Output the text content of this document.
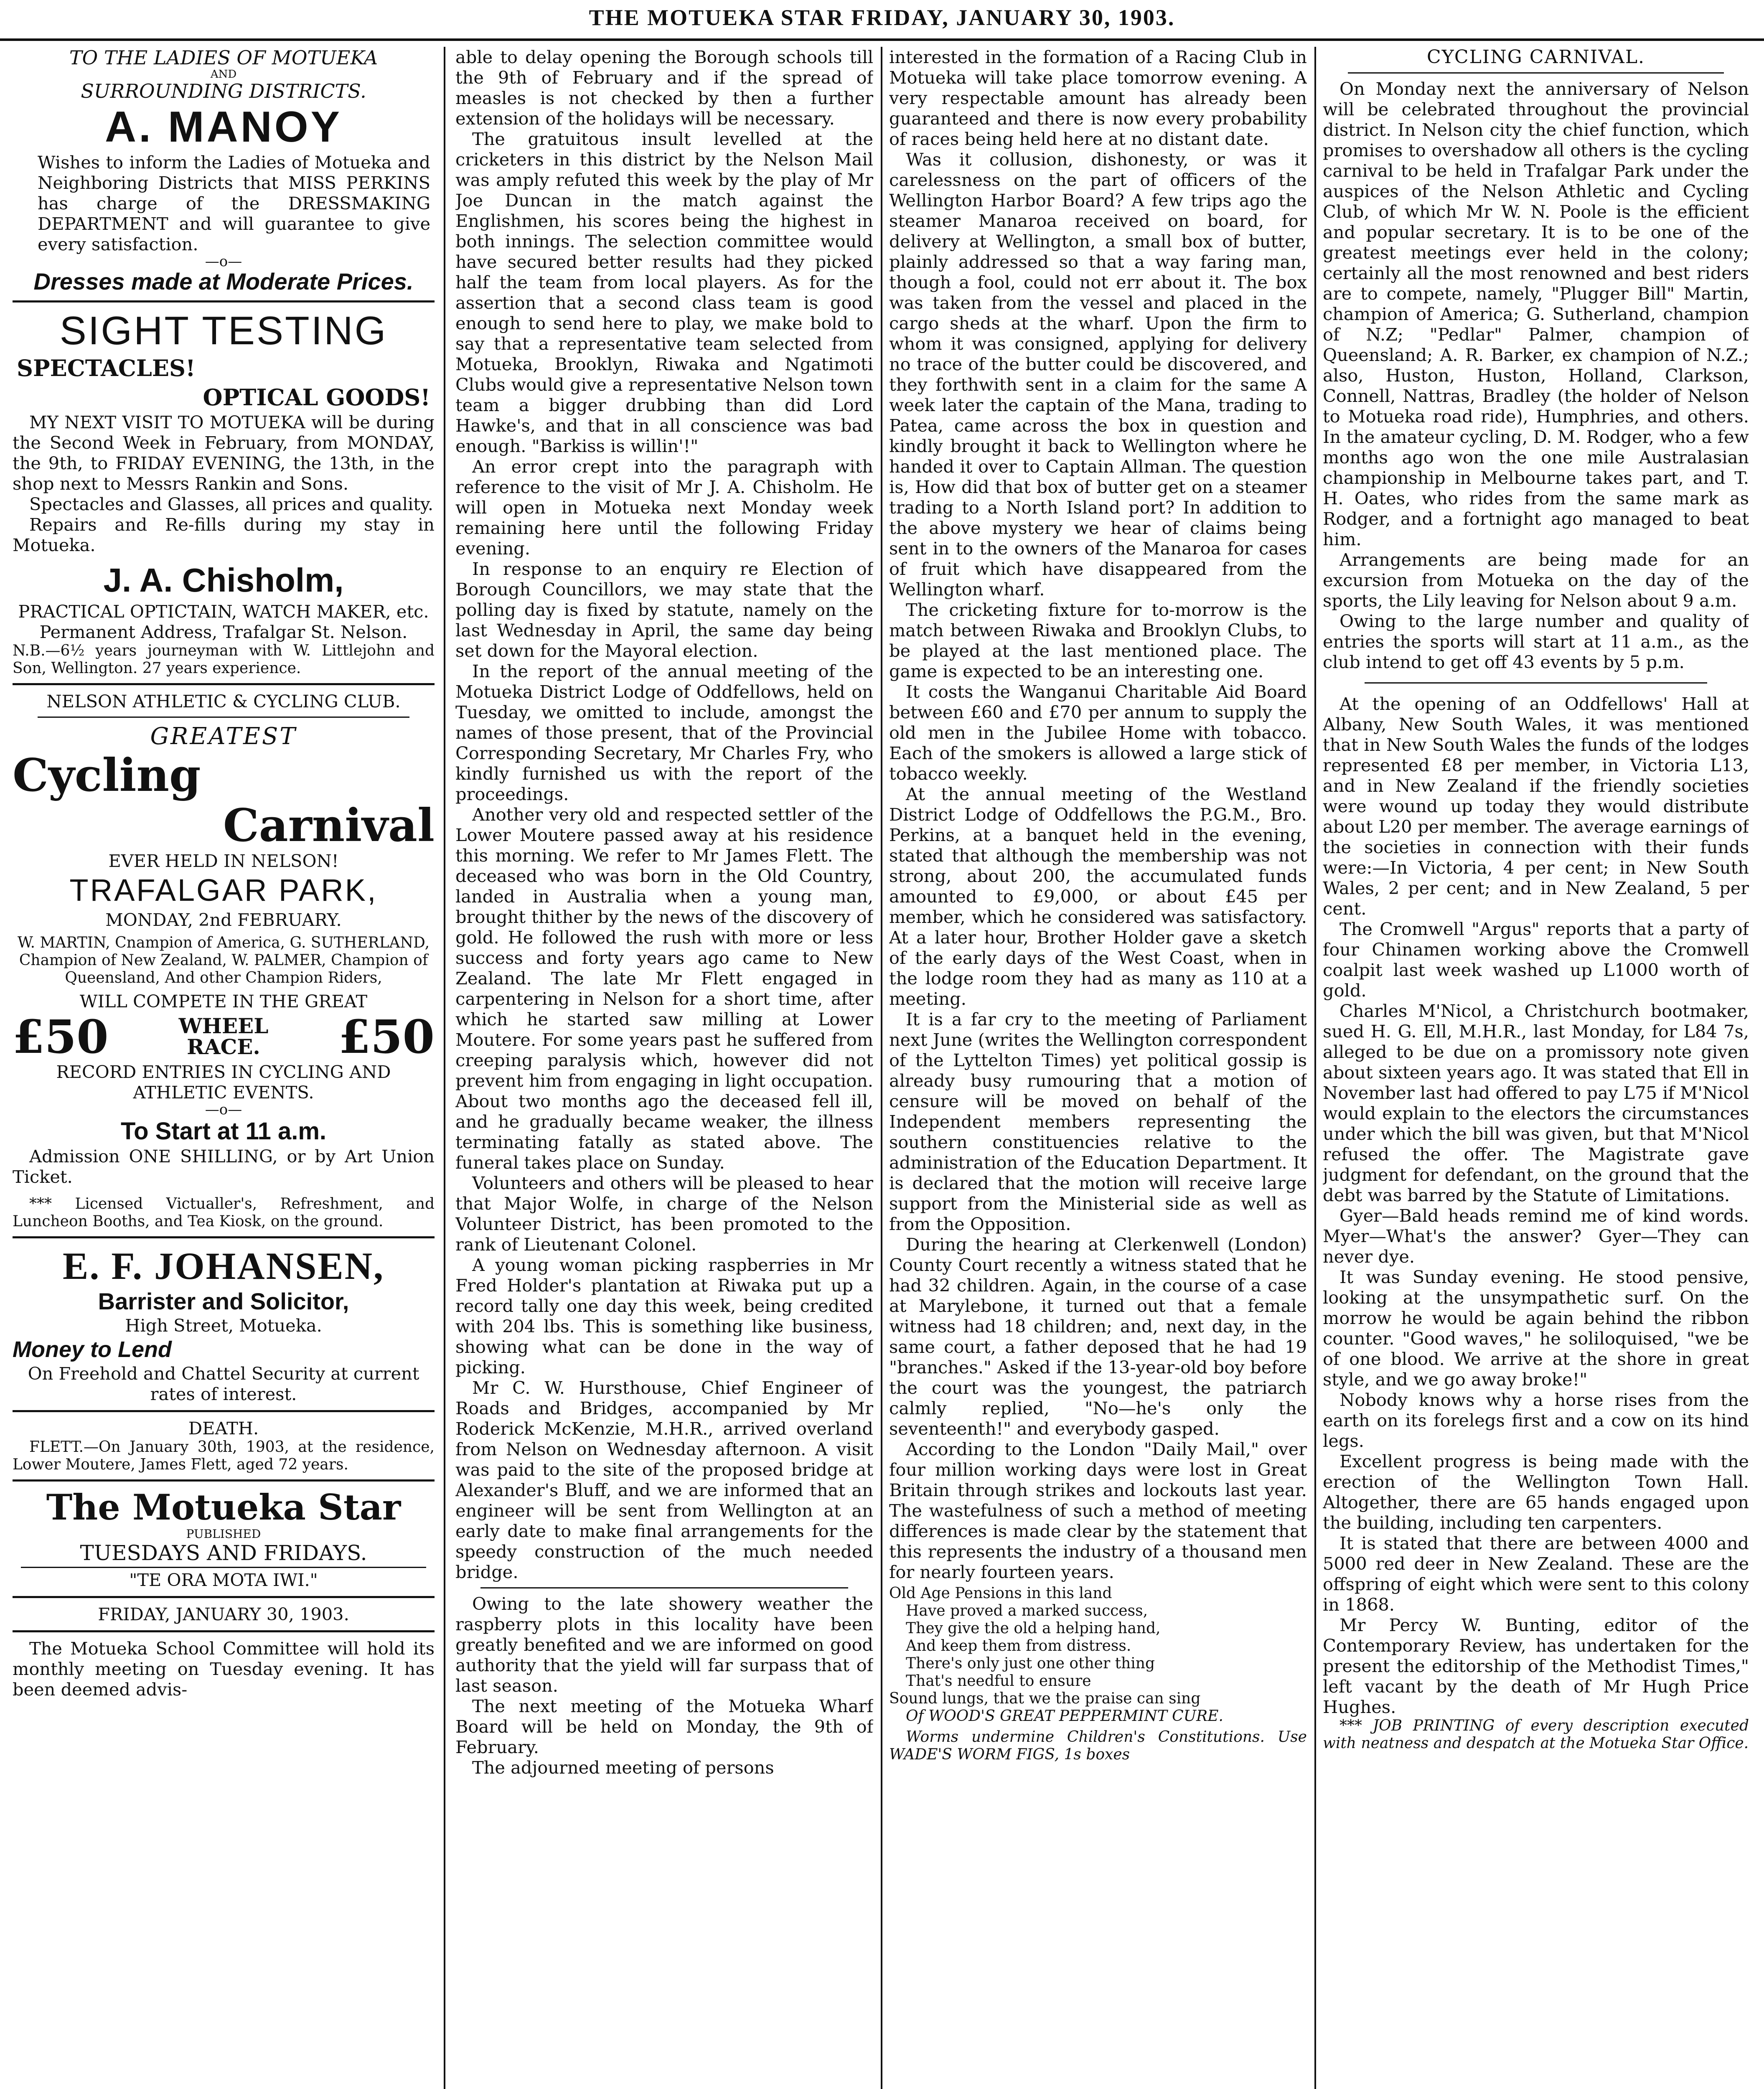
THE MOTUEKA STAR FRIDAY, JANUARY 30, 1903.
TO THE LADIES OF MOTUEKA
AND
SURROUNDING DISTRICTS.
A. MANOY

Wishes to inform the Ladies of Motueka and Neighboring Districts that MISS PERKINS has charge of the DRESSMAKING DEPARTMENT and will guarantee to give every satisfaction.

—o—
Dresses made at Moderate Prices.
SIGHT TESTING
SPECTACLES!
OPTICAL GOODS!

MY NEXT VISIT TO MOTUEKA will be during the Second Week in February, from MONDAY, the 9th, to FRIDAY EVENING, the 13th, in the shop next to Messrs Rankin and Sons.

Spectacles and Glasses, all prices and quality.

Repairs and Re-fills during my stay in Motueka.

J. A. Chisholm,
PRACTICAL OPTICTAIN, WATCH MAKER, etc.
Permanent Address, Trafalgar St. Nelson.

N.B.—6½ years journeyman with W. Littlejohn and Son, Wellington. 27 years experience.

NELSON ATHLETIC & CYCLING CLUB.
GREATEST
Cycling
Carnival
EVER HELD IN NELSON!
TRAFALGAR PARK,
MONDAY, 2nd FEBRUARY.

W. MARTIN, Cnampion of America, G. SUTHERLAND, Champion of New Zealand, W. PALMER, Champion of Queensland, And other Champion Riders,

WILL COMPETE IN THE GREAT
£50	WHEEL
RACE. £50
RECORD ENTRIES IN CYCLING AND ATHLETIC EVENTS.
—o—
To Start at 11 a.m.

Admission ONE SHILLING, or by Art Union Ticket.

*** Licensed Victualler's, Refreshment, and Luncheon Booths, and Tea Kiosk, on the ground.

E. F. JOHANSEN,
Barrister and Solicitor,
High Street, Motueka.
Money to Lend

On Freehold and Chattel Security at current rates of interest.

DEATH.

FLETT.—On January 30th, 1903, at the residence, Lower Moutere, James Flett, aged 72 years.

The Motueka Star
PUBLISHED
TUESDAYS AND FRIDAYS.
"TE ORA MOTA IWI."
FRIDAY, JANUARY 30, 1903.

The Motueka School Committee will hold its monthly meeting on Tuesday evening. It has been deemed advis-

able to delay opening the Borough schools till the 9th of February and if the spread of measles is not checked by then a further extension of the holidays will be necessary.

The gratuitous insult levelled at the cricketers in this district by the Nelson Mail was amply refuted this week by the play of Mr Joe Duncan in the match against the Englishmen, his scores being the highest in both innings. The selection committee would have secured better results had they picked half the team from local players. As for the assertion that a second class team is good enough to send here to play, we make bold to say that a representative team selected from Motueka, Brooklyn, Riwaka and Ngatimoti Clubs would give a representative Nelson town team a bigger drubbing than did Lord Hawke's, and that in all conscience was bad enough. "Barkiss is willin'!"

An error crept into the paragraph with reference to the visit of Mr J. A. Chisholm. He will open in Motueka next Monday week remaining here until the following Friday evening.

In response to an enquiry re Election of Borough Councillors, we may state that the polling day is fixed by statute, namely on the last Wednesday in April, the same day being set down for the Mayoral election.

In the report of the annual meeting of the Motueka District Lodge of Oddfellows, held on Tuesday, we omitted to include, amongst the names of those present, that of the Provincial Corresponding Secretary, Mr Charles Fry, who kindly furnished us with the report of the proceedings.

Another very old and respected settler of the Lower Moutere passed away at his residence this morning. We refer to Mr James Flett. The deceased who was born in the Old Country, landed in Australia when a young man, brought thither by the news of the discovery of gold. He followed the rush with more or less success and forty years ago came to New Zealand. The late Mr Flett engaged in carpentering in Nelson for a short time, after which he started saw milling at Lower Moutere. For some years past he suffered from creeping paralysis which, however did not prevent him from engaging in light occupation. About two months ago the deceased fell ill, and he gradually became weaker, the illness terminating fatally as stated above. The funeral takes place on Sunday.

Volunteers and others will be pleased to hear that Major Wolfe, in charge of the Nelson Volunteer District, has been promoted to the rank of Lieutenant Colonel.

A young woman picking raspberries in Mr Fred Holder's plantation at Riwaka put up a record tally one day this week, being credited with 204 lbs. This is something like business, showing what can be done in the way of picking.

Mr C. W. Hursthouse, Chief Engineer of Roads and Bridges, accompanied by Mr Roderick McKenzie, M.H.R., arrived overland from Nelson on Wednesday afternoon. A visit was paid to the site of the proposed bridge at Alexander's Bluff, and we are informed that an engineer will be sent from Wellington at an early date to make final arrangements for the speedy construction of the much needed bridge.

Owing to the late showery weather the raspberry plots in this locality have been greatly benefited and we are informed on good authority that the yield will far surpass that of last season.

The next meeting of the Motueka Wharf Board will be held on Monday, the 9th of February.

The adjourned meeting of persons

interested in the formation of a Racing Club in Motueka will take place tomorrow evening. A very respectable amount has already been guaranteed and there is now every probability of races being held here at no distant date.

Was it collusion, dishonesty, or was it carelessness on the part of officers of the Wellington Harbor Board? A few trips ago the steamer Manaroa received on board, for delivery at Wellington, a small box of butter, plainly addressed so that a way faring man, though a fool, could not err about it. The box was taken from the vessel and placed in the cargo sheds at the wharf. Upon the firm to whom it was consigned, applying for delivery no trace of the butter could be discovered, and they forthwith sent in a claim for the same A week later the captain of the Mana, trading to Patea, came across the box in question and kindly brought it back to Wellington where he handed it over to Captain Allman. The question is, How did that box of butter get on a steamer trading to a North Island port? In addition to the above mystery we hear of claims being sent in to the owners of the Manaroa for cases of fruit which have disappeared from the Wellington wharf.

The cricketing fixture for to-morrow is the match between Riwaka and Brooklyn Clubs, to be played at the last mentioned place. The game is expected to be an interesting one.

It costs the Wanganui Charitable Aid Board between £60 and £70 per annum to supply the old men in the Jubilee Home with tobacco. Each of the smokers is allowed a large stick of tobacco weekly.

At the annual meeting of the Westland District Lodge of Oddfellows the P.G.M., Bro. Perkins, at a banquet held in the evening, stated that although the membership was not strong, about 200, the accumulated funds amounted to £9,000, or about £45 per member, which he considered was satisfactory. At a later hour, Brother Holder gave a sketch of the early days of the West Coast, when in the lodge room they had as many as 110 at a meeting.

It is a far cry to the meeting of Parliament next June (writes the Wellington correspondent of the Lyttelton Times) yet political gossip is already busy rumouring that a motion of censure will be moved on behalf of the Independent members representing the southern constituencies relative to the administration of the Education Department. It is declared that the motion will receive large support from the Ministerial side as well as from the Opposition.

During the hearing at Clerkenwell (London) County Court recently a witness stated that he had 32 children. Again, in the course of a case at Marylebone, it turned out that a female witness had 18 children; and, next day, in the same court, a father deposed that he had 19 "branches." Asked if the 13-year-old boy before the court was the youngest, the patriarch calmly replied, "No—he's only the seventeenth!" and everybody gasped.

According to the London "Daily Mail," over four million working days were lost in Great Britain through strikes and lockouts last year. The wastefulness of such a method of meeting differences is made clear by the statement that this represents the industry of a thousand men for nearly fourteen years.

Old Age Pensions in this land
Have proved a marked success,
They give the old a helping hand,
And keep them from distress.
There's only just one other thing
That's needful to ensure
Sound lungs, that we the praise can sing
Of WOOD'S GREAT PEPPERMINT CURE.

Worms undermine Children's Constitutions. Use WADE'S WORM FIGS, 1s boxes

CYCLING CARNIVAL.

On Monday next the anniversary of Nelson will be celebrated throughout the provincial district. In Nelson city the chief function, which promises to overshadow all others is the cycling carnival to be held in Trafalgar Park under the auspices of the Nelson Athletic and Cycling Club, of which Mr W. N. Poole is the efficient and popular secretary. It is to be one of the greatest meetings ever held in the colony; certainly all the most renowned and best riders are to compete, namely, "Plugger Bill" Martin, champion of America; G. Sutherland, champion of N.Z; "Pedlar" Palmer, champion of Queensland; A. R. Barker, ex champion of N.Z.; also, Huston, Huston, Holland, Clarkson, Connell, Nattras, Bradley (the holder of Nelson to Motueka road ride), Humphries, and others. In the amateur cycling, D. M. Rodger, who a few months ago won the one mile Australasian championship in Melbourne takes part, and T. H. Oates, who rides from the same mark as Rodger, and a fortnight ago managed to beat him.

Arrangements are being made for an excursion from Motueka on the day of the sports, the Lily leaving for Nelson about 9 a.m.

Owing to the large number and quality of entries the sports will start at 11 a.m., as the club intend to get off 43 events by 5 p.m.

At the opening of an Oddfellows' Hall at Albany, New South Wales, it was mentioned that in New South Wales the funds of the lodges represented £8 per member, in Victoria L13, and in New Zealand if the friendly societies were wound up today they would distribute about L20 per member. The average earnings of the societies in connection with their funds were:—In Victoria, 4 per cent; in New South Wales, 2 per cent; and in New Zealand, 5 per cent.

The Cromwell "Argus" reports that a party of four Chinamen working above the Cromwell coalpit last week washed up L1000 worth of gold.

Charles M'Nicol, a Christchurch bootmaker, sued H. G. Ell, M.H.R., last Monday, for L84 7s, alleged to be due on a promissory note given about sixteen years ago. It was stated that Ell in November last had offered to pay L75 if M'Nicol would explain to the electors the circumstances under which the bill was given, but that M'Nicol refused the offer. The Magistrate gave judgment for defendant, on the ground that the debt was barred by the Statute of Limitations.

Gyer—Bald heads remind me of kind words. Myer—What's the answer? Gyer—They can never dye.

It was Sunday evening. He stood pensive, looking at the unsympathetic surf. On the morrow he would be again behind the ribbon counter. "Good waves," he soliloquised, "we be of one blood. We arrive at the shore in great style, and we go away broke!"

Nobody knows why a horse rises from the earth on its forelegs first and a cow on its hind legs.

Excellent progress is being made with the erection of the Wellington Town Hall. Altogether, there are 65 hands engaged upon the building, including ten carpenters.

It is stated that there are between 4000 and 5000 red deer in New Zealand. These are the offspring of eight which were sent to this colony in 1868.

Mr Percy W. Bunting, editor of the Contemporary Review, has undertaken for the present the editorship of the Methodist Times," left vacant by the death of Mr Hugh Price Hughes.

*** JOB PRINTING of every description executed with neatness and despatch at the Motueka Star Office.
